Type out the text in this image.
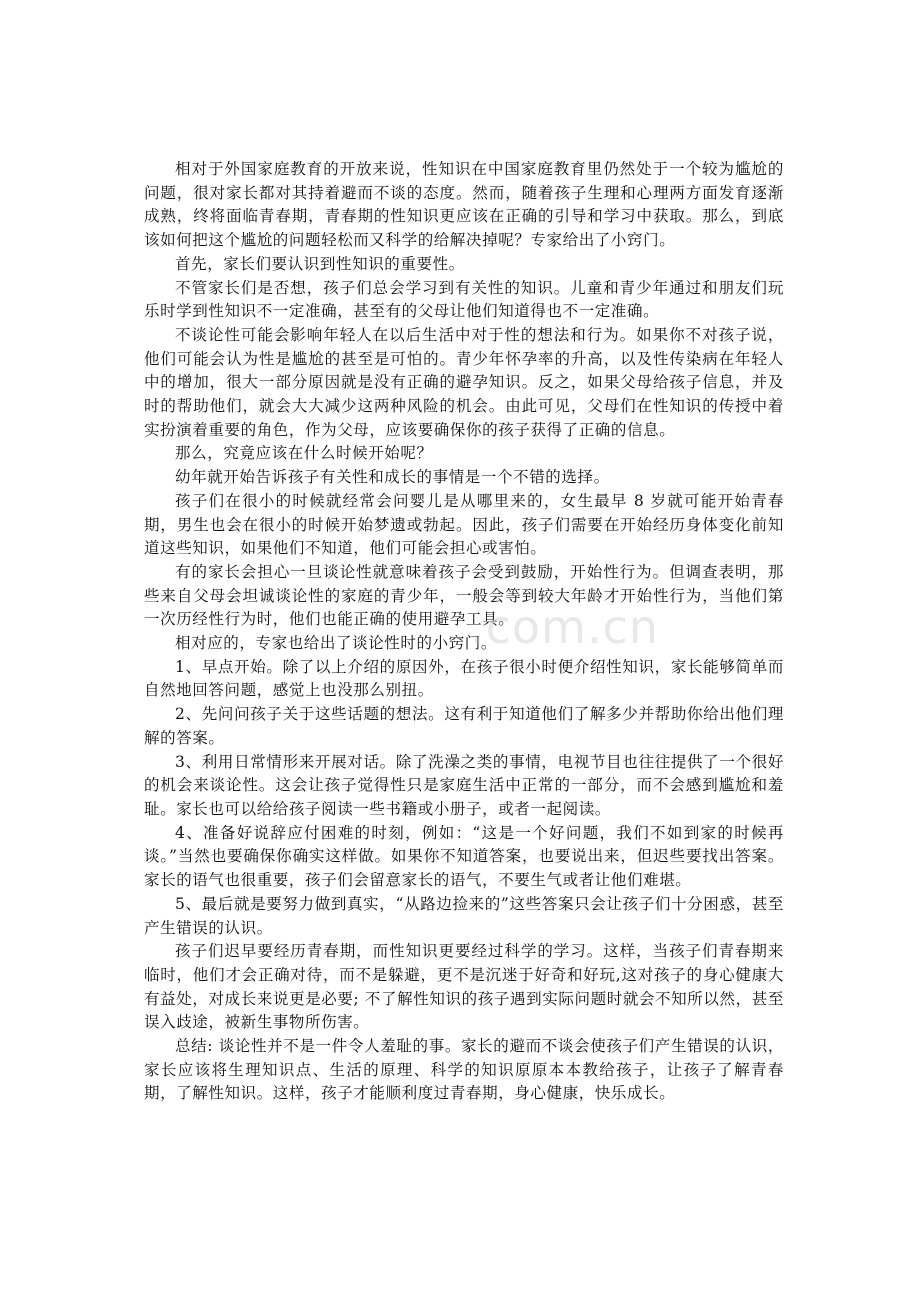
相对于外国家庭教育的开放来说，性知识在中国家庭教育里仍然处于一个较为尴尬的问题，很对家长都对其持着避而不谈的态度。然而，随着孩子生理和心理两方面发育逐渐成熟，终将面临青春期，青春期的性知识更应该在正确的引导和学习中获取。那么，到底该如何把这个尴尬的问题轻松而又科学的给解决掉呢？专家给出了小窍门。

首先，家长们要认识到性知识的重要性。

不管家长们是否想，孩子们总会学习到有关性的知识。儿童和青少年通过和朋友们玩乐时学到性知识不一定准确，甚至有的父母让他们知道得也不一定准确。

不谈论性可能会影响年轻人在以后生活中对于性的想法和行为。如果你不对孩子说，他们可能会认为性是尴尬的甚至是可怕的。青少年怀孕率的升高，以及性传染病在年轻人中的增加，很大一部分原因就是没有正确的避孕知识。反之，如果父母给孩子信息，并及时的帮助他们，就会大大减少这两种风险的机会。由此可见，父母们在性知识的传授中着实扮演着重要的角色，作为父母，应该要确保你的孩子获得了正确的信息。

那么，究竟应该在什么时候开始呢？

幼年就开始告诉孩子有关性和成长的事情是一个不错的选择。

孩子们在很小的时候就经常会问婴儿是从哪里来的，女生最早 8 岁就可能开始青春期，男生也会在很小的时候开始梦遗或勃起。因此，孩子们需要在开始经历身体变化前知道这些知识，如果他们不知道，他们可能会担心或害怕。

有的家长会担心一旦谈论性就意味着孩子会受到鼓励，开始性行为。但调查表明，那些来自父母会坦诚谈论性的家庭的青少年，一般会等到较大年龄才开始性行为，当他们第一次历经性行为时，他们也能正确的使用避孕工具。

相对应的，专家也给出了谈论性时的小窍门。

1、早点开始。除了以上介绍的原因外，在孩子很小时便介绍性知识，家长能够简单而自然地回答问题，感觉上也没那么别扭。

2、先问问孩子关于这些话题的想法。这有利于知道他们了解多少并帮助你给出他们理解的答案。

3、利用日常情形来开展对话。除了洗澡之类的事情，电视节目也往往提供了一个很好的机会来谈论性。这会让孩子觉得性只是家庭生活中正常的一部分，而不会感到尴尬和羞耻。家长也可以给给孩子阅读一些书籍或小册子，或者一起阅读。

4、准备好说辞应付困难的时刻，例如：“这是一个好问题，我们不如到家的时候再谈。”当然也要确保你确实这样做。如果你不知道答案，也要说出来，但迟些要找出答案。家长的语气也很重要，孩子们会留意家长的语气，不要生气或者让他们难堪。

5、最后就是要努力做到真实，“从路边捡来的”这些答案只会让孩子们十分困惑，甚至产生错误的认识。

孩子们迟早要经历青春期，而性知识更要经过科学的学习。这样，当孩子们青春期来临时，他们才会正确对待，而不是躲避，更不是沉迷于好奇和好玩,这对孩子的身心健康大有益处，对成长来说更是必要; 不了解性知识的孩子遇到实际问题时就会不知所以然，甚至误入歧途，被新生事物所伤害。

总结: 谈论性并不是一件令人羞耻的事。家长的避而不谈会使孩子们产生错误的认识，家长应该将生理知识点、生活的原理、科学的知识原原本本教给孩子，让孩子了解青春期，了解性知识。这样，孩子才能顺利度过青春期，身心健康，快乐成长。

.com.cn
